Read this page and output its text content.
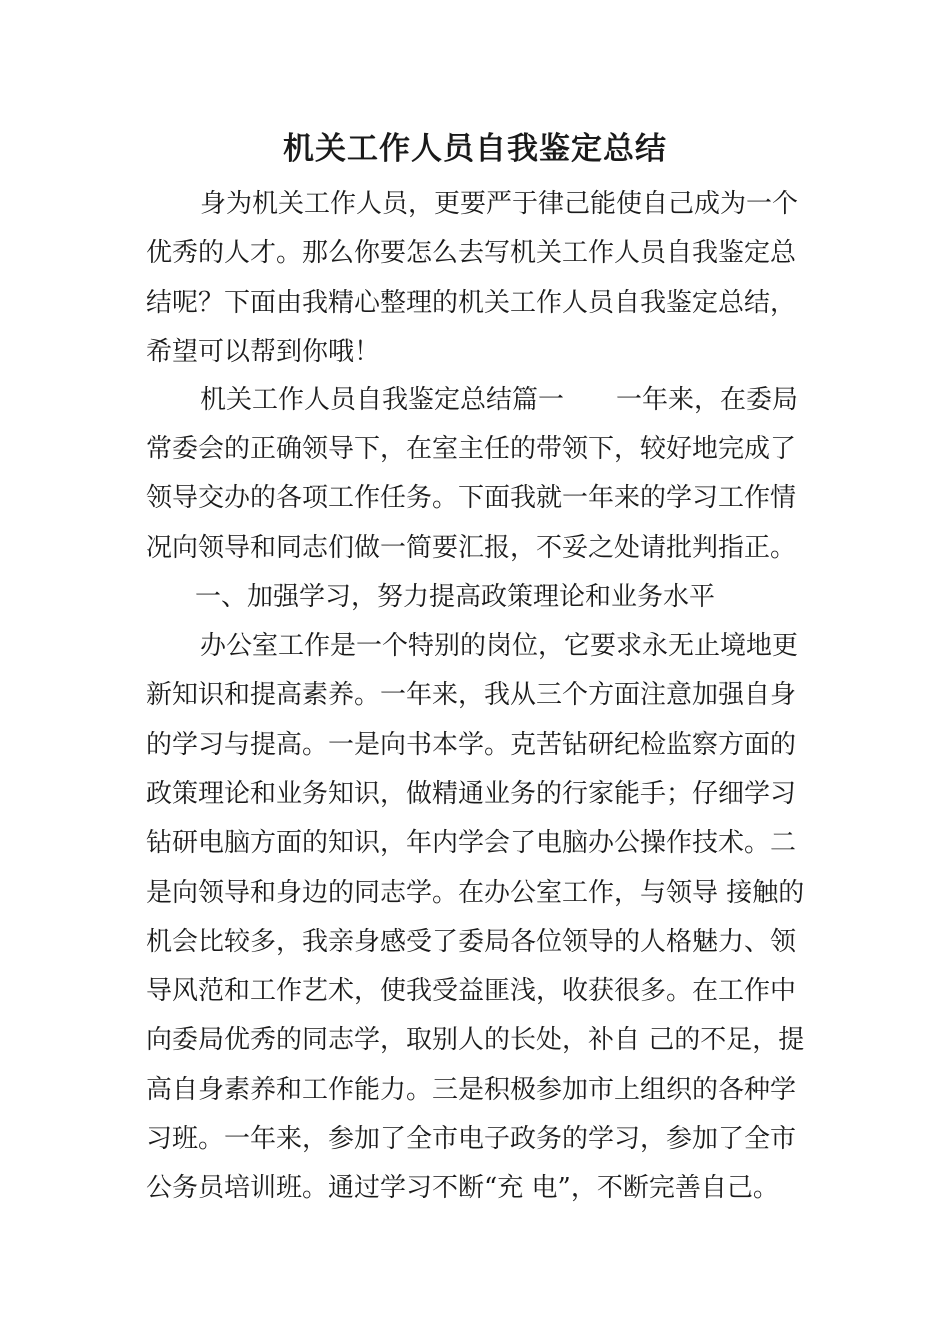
机关工作人员自我鉴定总结

身为机关工作人员，更要严于律己能使自己成为一个

优秀的人才。那么你要怎么去写机关工作人员自我鉴定总

结呢？下面由我精心整理的机关工作人员自我鉴定总结，

希望可以帮到你哦！

机关工作人员自我鉴定总结篇一　　一年来，在委局

常委会的正确领导下，在室主任的带领下，较好地完成了

领导交办的各项工作任务。下面我就一年来的学习工作情

况向领导和同志们做一简要汇报，不妥之处请批判指正。

一、加强学习，努力提高政策理论和业务水平

办公室工作是一个特别的岗位，它要求永无止境地更

新知识和提高素养。一年来，我从三个方面注意加强自身

的学习与提高。一是向书本学。克苦钻研纪检监察方面的

政策理论和业务知识，做精通业务的行家能手；仔细学习

钻研电脑方面的知识，年内学会了电脑办公操作技术。二

是向领导和身边的同志学。在办公室工作，与领导 接触的

机会比较多，我亲身感受了委局各位领导的人格魅力、领

导风范和工作艺术，使我受益匪浅，收获很多。在工作中

向委局优秀的同志学，取别人的长处，补自 己的不足，提

高自身素养和工作能力。三是积极参加市上组织的各种学

习班。一年来，参加了全市电子政务的学习，参加了全市

公务员培训班。通过学习不断“充 电”，不断完善自己。
